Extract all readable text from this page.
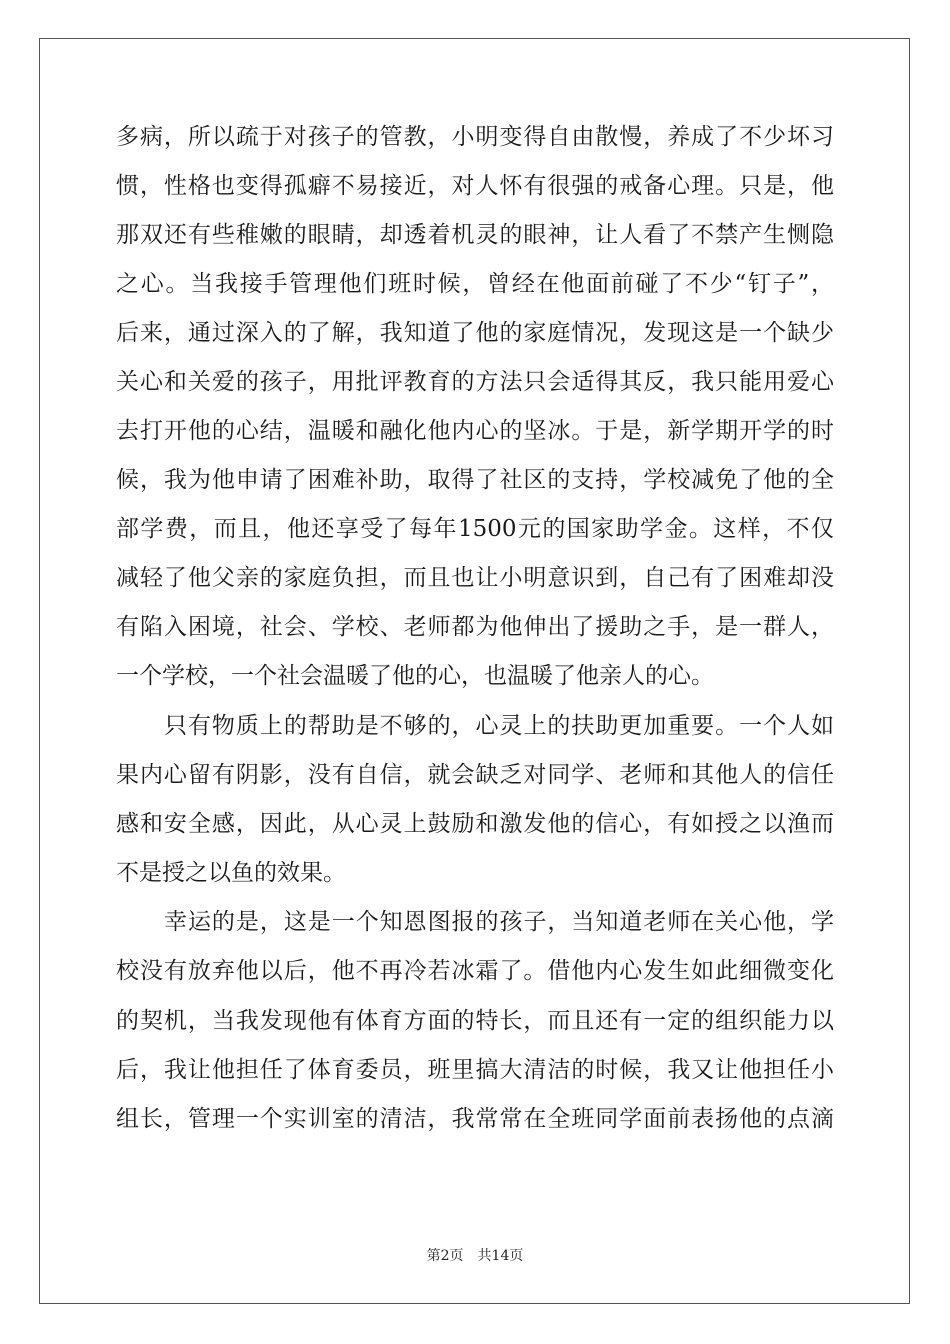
多病，所以疏于对孩子的管教，小明变得自由散慢，养成了不少坏习
惯，性格也变得孤癖不易接近，对人怀有很强的戒备心理。只是，他
那双还有些稚嫩的眼睛，却透着机灵的眼神，让人看了不禁产生恻隐
之心。当我接手管理他们班时候，曾经在他面前碰了不少“钉子”，
后来，通过深入的了解，我知道了他的家庭情况，发现这是一个缺少
关心和关爱的孩子，用批评教育的方法只会适得其反，我只能用爱心
去打开他的心结，温暖和融化他内心的坚冰。于是，新学期开学的时
候，我为他申请了困难补助，取得了社区的支持，学校减免了他的全
部学费，而且，他还享受了每年1500元的国家助学金。这样，不仅
减轻了他父亲的家庭负担，而且也让小明意识到，自己有了困难却没
有陷入困境，社会、学校、老师都为他伸出了援助之手，是一群人，
一个学校，一个社会温暖了他的心，也温暖了他亲人的心。
只有物质上的帮助是不够的，心灵上的扶助更加重要。一个人如
果内心留有阴影，没有自信，就会缺乏对同学、老师和其他人的信任
感和安全感，因此，从心灵上鼓励和激发他的信心，有如授之以渔而
不是授之以鱼的效果。
幸运的是，这是一个知恩图报的孩子，当知道老师在关心他，学
校没有放弃他以后，他不再冷若冰霜了。借他内心发生如此细微变化
的契机，当我发现他有体育方面的特长，而且还有一定的组织能力以
后，我让他担任了体育委员，班里搞大清洁的时候，我又让他担任小
组长，管理一个实训室的清洁，我常常在全班同学面前表扬他的点滴
第2页 共14页
